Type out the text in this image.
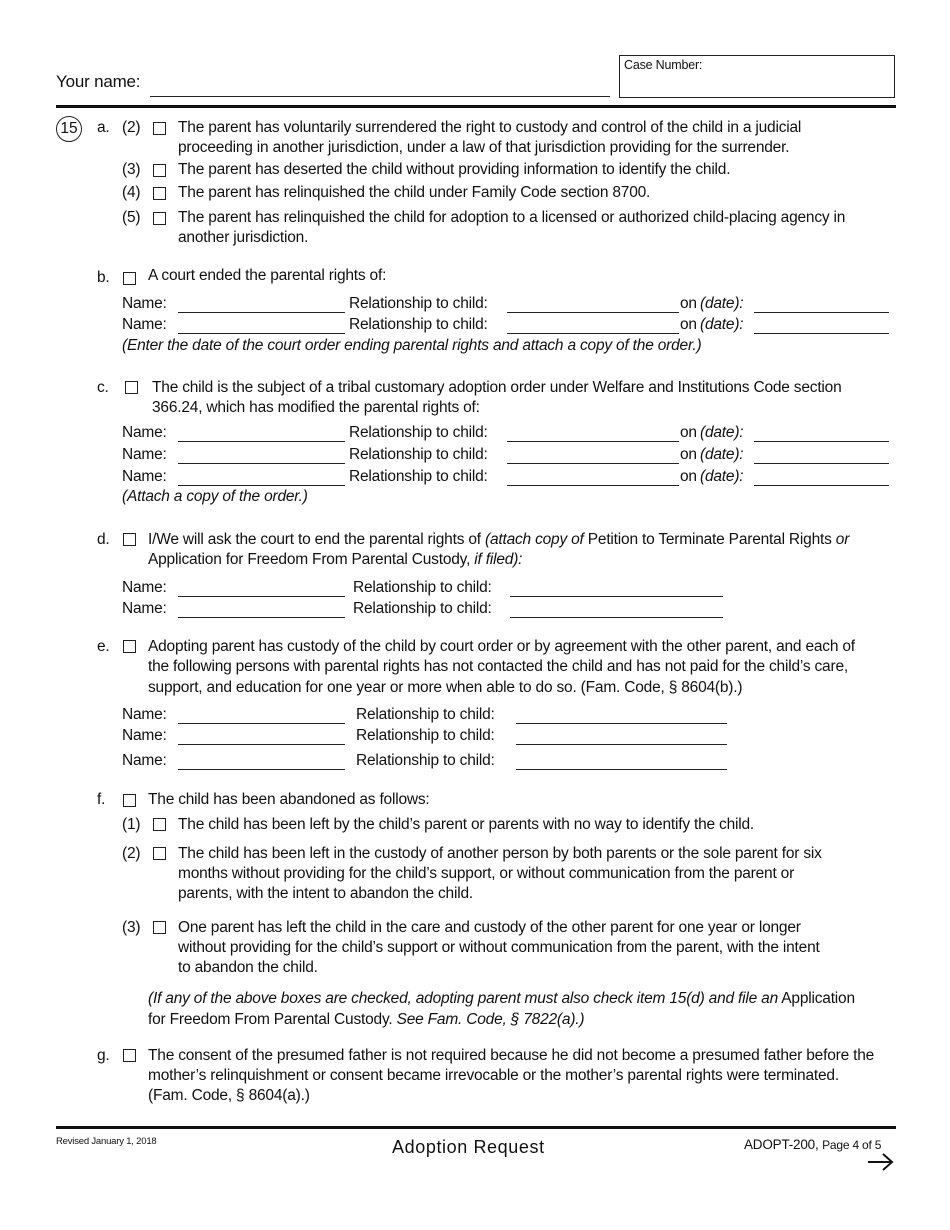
Your name:
Case Number:
15 a. (2) The parent has voluntarily surrendered the right to custody and control of the child in a judicial
proceeding in another jurisdiction, under a law of that jurisdiction providing for the surrender.
(3) The parent has deserted the child without providing information to identify the child.
(4) The parent has relinquished the child under Family Code section 8700.
(5) The parent has relinquished the child for adoption to a licensed or authorized child-placing agency in
another jurisdiction.
b. A court ended the parental rights of:
Name:	Relationship to child:	on (date):
Name:	Relationship to child:	on (date):
(Enter the date of the court order ending parental rights and attach a copy of the order.)
c.	The child is the subject of a tribal customary adoption order under Welfare and Institutions Code section
366.24, which has modified the parental rights of:
Name:	Relationship to child:	on (date):
Name:	Relationship to child:	on (date):
Name:	Relationship to child:	on (date):
(Attach a copy of the order.)
d. I/We will ask the court to end the parental rights of (attach copy of Petition to Terminate Parental Rights or
Application for Freedom From Parental Custody, if filed):
Name:	Relationship to child:
Name:	Relationship to child:
e. Adopting parent has custody of the child by court order or by agreement with the other parent, and each of
the following persons with parental rights has not contacted the child and has not paid for the child’s care,
support, and education for one year or more when able to do so. (Fam. Code, § 8604(b).)
Name:	Relationship to child:
Name:	Relationship to child:
Name:	Relationship to child:
f.	The child has been abandoned as follows:
(1) The child has been left by the child’s parent or parents with no way to identify the child.
(2) The child has been left in the custody of another person by both parents or the sole parent for six
months without providing for the child’s support, or without communication from the parent or
parents, with the intent to abandon the child.
(3) One parent has left the child in the care and custody of the other parent for one year or longer
without providing for the child’s support or without communication from the parent, with the intent
to abandon the child.
(If any of the above boxes are checked, adopting parent must also check item 15(d) and file an Application
for Freedom From Parental Custody. See Fam. Code, § 7822(a).)
g. The consent of the presumed father is not required because he did not become a presumed father before the
mother’s relinquishment or consent became irrevocable or the mother’s parental rights were terminated.
(Fam. Code, § 8604(a).)
Revised January 1, 2018	Adoption Request	ADOPT-200, Page 4 of 5
